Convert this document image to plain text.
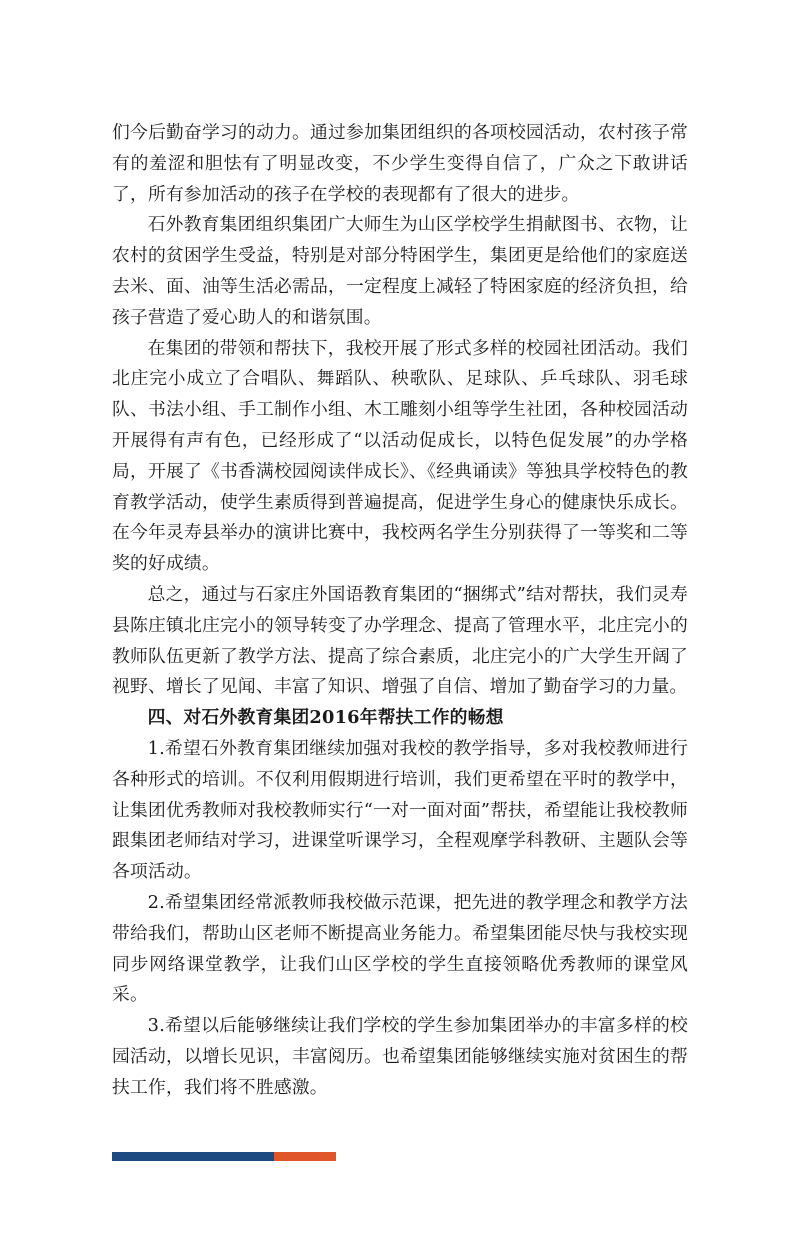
们今后勤奋学习的动力。通过参加集团组织的各项校园活动，农村孩子常有的羞涩和胆怯有了明显改变，不少学生变得自信了，广众之下敢讲话了，所有参加活动的孩子在学校的表现都有了很大的进步。

石外教育集团组织集团广大师生为山区学校学生捐献图书、衣物，让农村的贫困学生受益，特别是对部分特困学生，集团更是给他们的家庭送去米、面、油等生活必需品，一定程度上减轻了特困家庭的经济负担，给孩子营造了爱心助人的和谐氛围。

在集团的带领和帮扶下，我校开展了形式多样的校园社团活动。我们北庄完小成立了合唱队、舞蹈队、秧歌队、足球队、乒乓球队、羽毛球队、书法小组、手工制作小组、木工雕刻小组等学生社团，各种校园活动开展得有声有色，已经形成了“以活动促成长，以特色促发展”的办学格局，开展了《书香满校园阅读伴成长》、《经典诵读》等独具学校特色的教育教学活动，使学生素质得到普遍提高，促进学生身心的健康快乐成长。在今年灵寿县举办的演讲比赛中，我校两名学生分别获得了一等奖和二等奖的好成绩。

总之，通过与石家庄外国语教育集团的“捆绑式”结对帮扶，我们灵寿县陈庄镇北庄完小的领导转变了办学理念、提高了管理水平，北庄完小的教师队伍更新了教学方法、提高了综合素质，北庄完小的广大学生开阔了视野、增长了见闻、丰富了知识、增强了自信、增加了勤奋学习的力量。

四、对石外教育集团2016年帮扶工作的畅想

1.希望石外教育集团继续加强对我校的教学指导，多对我校教师进行各种形式的培训。不仅利用假期进行培训，我们更希望在平时的教学中，让集团优秀教师对我校教师实行“一对一面对面”帮扶，希望能让我校教师跟集团老师结对学习，进课堂听课学习，全程观摩学科教研、主题队会等各项活动。

2.希望集团经常派教师我校做示范课，把先进的教学理念和教学方法带给我们，帮助山区老师不断提高业务能力。希望集团能尽快与我校实现同步网络课堂教学，让我们山区学校的学生直接领略优秀教师的课堂风采。

3.希望以后能够继续让我们学校的学生参加集团举办的丰富多样的校园活动，以增长见识，丰富阅历。也希望集团能够继续实施对贫困生的帮扶工作，我们将不胜感激。
